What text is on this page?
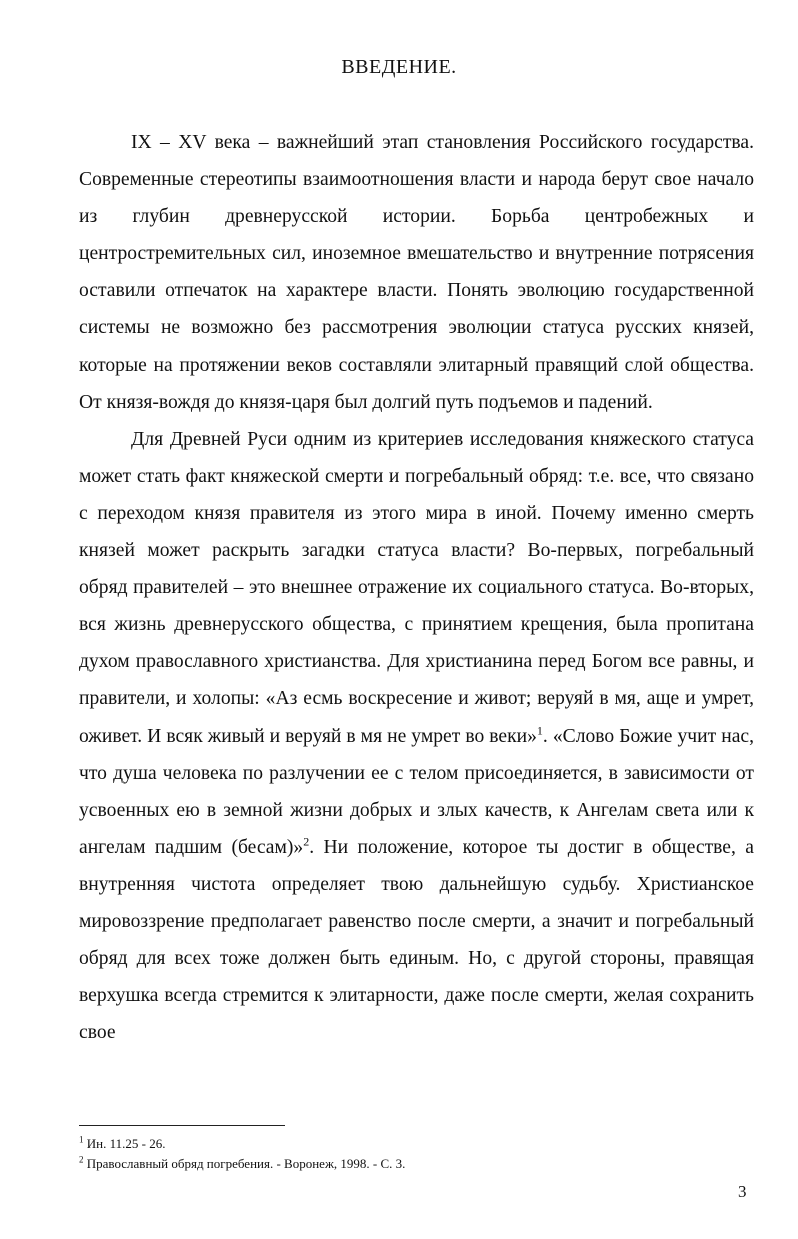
ВВЕДЕНИЕ.

IX – XV века – важнейший этап становления Российского государства. Современные стереотипы взаимоотношения власти и народа берут свое начало из глубин древнерусской истории. Борьба центробежных и центростремительных сил, иноземное вмешательство и внутренние потрясения оставили отпечаток на характере власти. Понять эволюцию государственной системы не возможно без рассмотрения эволюции статуса русских князей, которые на протяжении веков составляли элитарный правящий слой общества. От князя-вождя до князя-царя был долгий путь подъемов и падений.

Для Древней Руси одним из критериев исследования княжеского статуса может стать факт княжеской смерти и погребальный обряд: т.е. все, что связано с переходом князя правителя из этого мира в иной. Почему именно смерть князей может раскрыть загадки статуса власти? Во-первых, погребальный обряд правителей – это внешнее отражение их социального статуса. Во-вторых, вся жизнь древнерусского общества, с принятием крещения, была пропитана духом православного христианства. Для христианина перед Богом все равны, и правители, и холопы: «Аз есмь воскресение и живот; веруяй в мя, аще и умрет, оживет. И всяк живый и веруяй в мя не умрет во веки»$^1$. «Слово Божие учит нас, что душа человека по разлучении ее с телом присоединяется, в зависимости от усвоенных ею в земной жизни добрых и злых качеств, к Ангелам света или к ангелам падшим (бесам)»$^2$. Ни положение, которое ты достиг в обществе, а внутренняя чистота определяет твою дальнейшую судьбу. Христианское мировоззрение предполагает равенство после смерти, а значит и погребальный обряд для всех тоже должен быть единым. Но, с другой стороны, правящая верхушка всегда стремится к элитарности, даже после смерти, желая сохранить свое

$^1$ Ин. 11.25 - 26.
$^2$ Православный обряд погребения. - Воронеж, 1998. - С. 3.
3
